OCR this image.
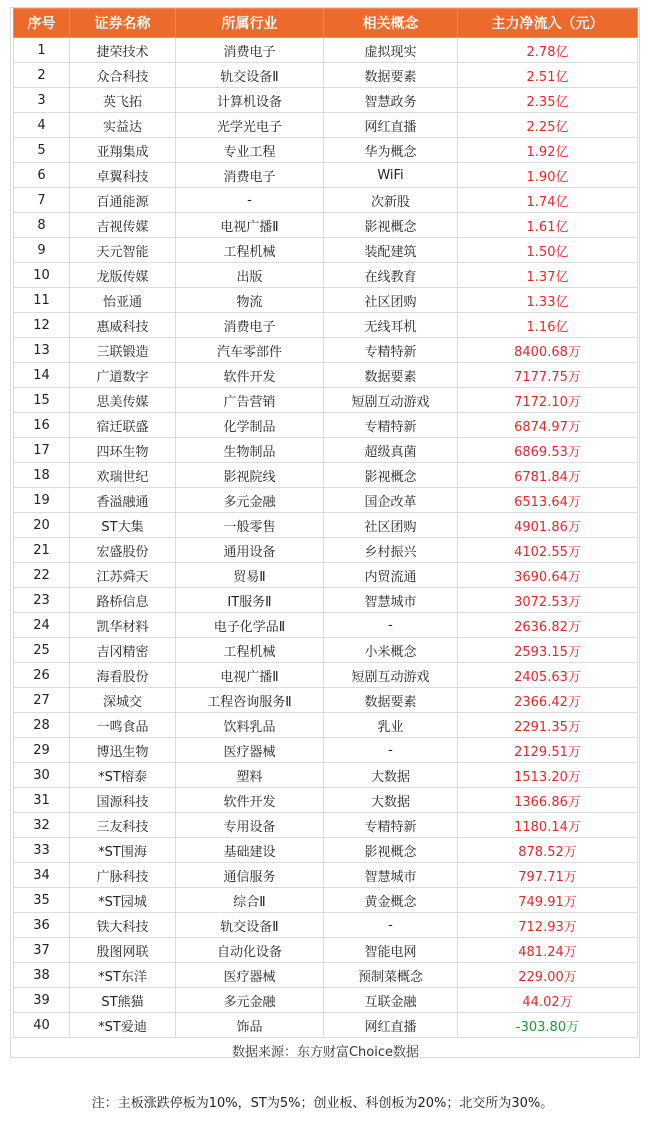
序号	证券名称	所属行业	相关概念	主力净流入（元）
1	捷荣技术	消费电子	虚拟现实	2.78亿
2	众合科技	轨交设备Ⅱ	数据要素	2.51亿
3	英飞拓	计算机设备	智慧政务	2.35亿
4	实益达	光学光电子	网红直播	2.25亿
5	亚翔集成	专业工程	华为概念	1.92亿
6	卓翼科技	消费电子	WiFi	1.90亿
7	百通能源	-	次新股	1.74亿
8	吉视传媒	电视广播Ⅱ	影视概念	1.61亿
9	天元智能	工程机械	装配建筑	1.50亿
10	龙版传媒	出版	在线教育	1.37亿
11	怡亚通	物流	社区团购	1.33亿
12	惠威科技	消费电子	无线耳机	1.16亿
13	三联锻造	汽车零部件	专精特新	8400.68万
14	广道数字	软件开发	数据要素	7177.75万
15	思美传媒	广告营销	短剧互动游戏	7172.10万
16	宿迁联盛	化学制品	专精特新	6874.97万
17	四环生物	生物制品	超级真菌	6869.53万
18	欢瑞世纪	影视院线	影视概念	6781.84万
19	香溢融通	多元金融	国企改革	6513.64万
20	ST大集	一般零售	社区团购	4901.86万
21	宏盛股份	通用设备	乡村振兴	4102.55万
22	江苏舜天	贸易Ⅱ	内贸流通	3690.64万
23	路桥信息	IT服务Ⅱ	智慧城市	3072.53万
24	凯华材料	电子化学品Ⅱ	-	2636.82万
25	吉冈精密	工程机械	小米概念	2593.15万
26	海看股份	电视广播Ⅱ	短剧互动游戏	2405.63万
27	深城交	工程咨询服务Ⅱ	数据要素	2366.42万
28	一鸣食品	饮料乳品	乳业	2291.35万
29	博迅生物	医疗器械	-	2129.51万
30	*ST榕泰	塑料	大数据	1513.20万
31	国源科技	软件开发	大数据	1366.86万
32	三友科技	专用设备	专精特新	1180.14万
33	*ST围海	基础建设	影视概念	878.52万
34	广脉科技	通信服务	智慧城市	797.71万
35	*ST园城	综合Ⅱ	黄金概念	749.91万
36	铁大科技	轨交设备Ⅱ	-	712.93万
37	殷图网联	自动化设备	智能电网	481.24万
38	*ST东洋	医疗器械	预制菜概念	229.00万
39	ST熊猫	多元金融	互联金融	44.02万
40	*ST爱迪	饰品	网红直播	-303.80万
数据来源：东方财富Choice数据				
注：主板涨跌停板为10%，ST为5%；创业板、科创板为20%；北交所为30%。
